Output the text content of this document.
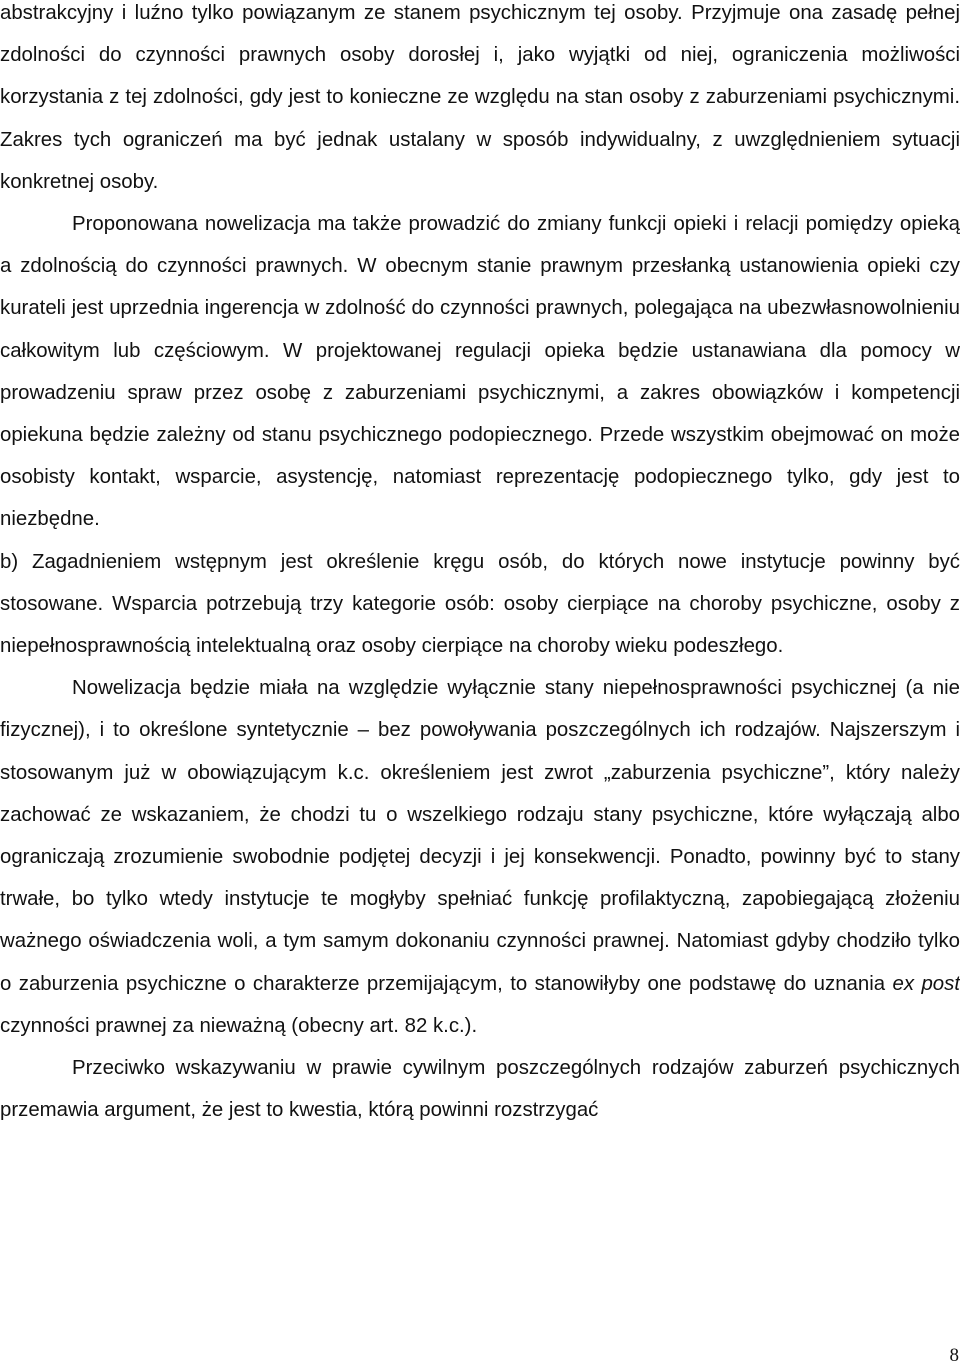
abstrakcyjny i luźno tylko powiązanym ze stanem psychicznym tej osoby. Przyjmuje ona zasadę pełnej zdolności do czynności prawnych osoby dorosłej i, jako wyjątki od niej, ograniczenia możliwości korzystania z tej zdolności, gdy jest to konieczne ze względu na stan osoby z zaburzeniami psychicznymi. Zakres tych ograniczeń ma być jednak ustalany w sposób indywidualny, z uwzględnieniem sytuacji konkretnej osoby.

Proponowana nowelizacja ma także prowadzić do zmiany funkcji opieki i relacji pomiędzy opieką a zdolnością do czynności prawnych. W obecnym stanie prawnym przesłanką ustanowienia opieki czy kurateli jest uprzednia ingerencja w zdolność do czynności prawnych, polegająca na ubezwłasnowolnieniu całkowitym lub częściowym. W projektowanej regulacji opieka będzie ustanawiana dla pomocy w prowadzeniu spraw przez osobę z zaburzeniami psychicznymi, a zakres obowiązków i kompetencji opiekuna będzie zależny od stanu psychicznego podopiecznego. Przede wszystkim obejmować on może osobisty kontakt, wsparcie, asystencję, natomiast reprezentację podopiecznego tylko, gdy jest to niezbędne.

b) Zagadnieniem wstępnym jest określenie kręgu osób, do których nowe instytucje powinny być stosowane. Wsparcia potrzebują trzy kategorie osób: osoby cierpiące na choroby psychiczne, osoby z niepełnosprawnością intelektualną oraz osoby cierpiące na choroby wieku podeszłego.

Nowelizacja będzie miała na względzie wyłącznie stany niepełnosprawności psychicznej (a nie fizycznej), i to określone syntetycznie – bez powoływania poszczególnych ich rodzajów. Najszerszym i stosowanym już w obowiązującym k.c. określeniem jest zwrot „zaburzenia psychiczne”, który należy zachować ze wskazaniem, że chodzi tu o wszelkiego rodzaju stany psychiczne, które wyłączają albo ograniczają zrozumienie swobodnie podjętej decyzji i jej konsekwencji. Ponadto, powinny być to stany trwałe, bo tylko wtedy instytucje te mogłyby spełniać funkcję profilaktyczną, zapobiegającą złożeniu ważnego oświadczenia woli, a tym samym dokonaniu czynności prawnej. Natomiast gdyby chodziło tylko o zaburzenia psychiczne o charakterze przemijającym, to stanowiłyby one podstawę do uznania ex post czynności prawnej za nieważną (obecny art. 82 k.c.).

Przeciwko wskazywaniu w prawie cywilnym poszczególnych rodzajów zaburzeń psychicznych przemawia argument, że jest to kwestia, którą powinni rozstrzygać

8
